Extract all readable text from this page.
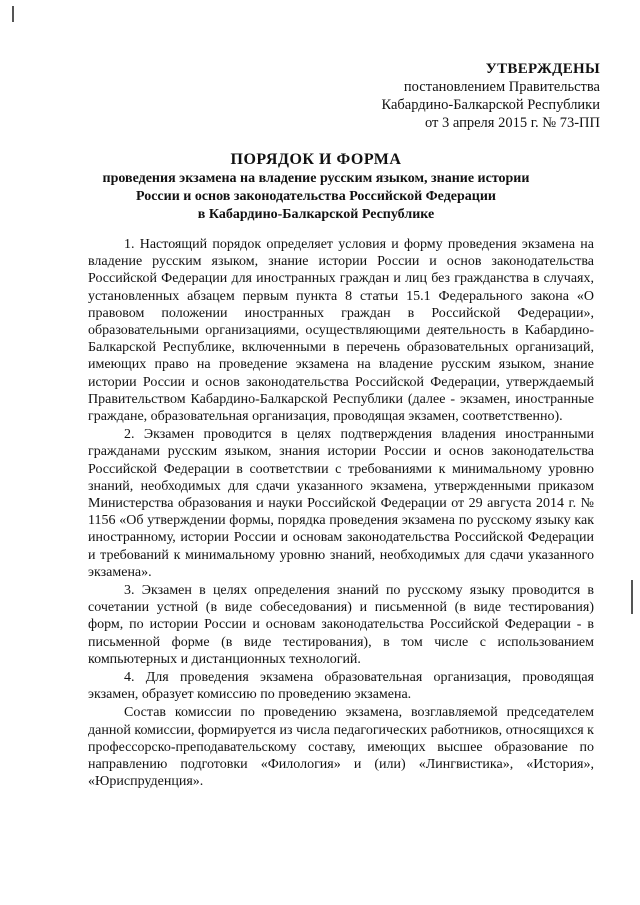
УТВЕРЖДЕНЫ
постановлением Правительства
Кабардино-Балкарской Республики
от 3 апреля 2015 г. № 73-ПП
ПОРЯДОК И ФОРМА
проведения экзамена на владение русским языком, знание истории
России и основ законодательства Российской Федерации
в Кабардино-Балкарской Республике

1. Настоящий порядок определяет условия и форму проведения экзамена на владение русским языком, знание истории России и основ законодательства Российской Федерации для иностранных граждан и лиц без гражданства в случаях, установленных абзацем первым пункта 8 статьи 15.1 Федерального закона «О правовом положении иностранных граждан в Российской Федерации», образовательными организациями, осуществляющими деятельность в Кабардино-Балкарской Республике, включенными в перечень образовательных организаций, имеющих право на проведение экзамена на владение русским языком, знание истории России и основ законодательства Российской Федерации, утверждаемый Правительством Кабардино-Балкарской Республики (далее - экзамен, иностранные граждане, образовательная организация, проводящая экзамен, соответственно).

2. Экзамен проводится в целях подтверждения владения иностранными гражданами русским языком, знания истории России и основ законодательства Российской Федерации в соответствии с требованиями к минимальному уровню знаний, необходимых для сдачи указанного экзамена, утвержденными приказом Министерства образования и науки Российской Федерации от 29 августа 2014 г. № 1156 «Об утверждении формы, порядка проведения экзамена по русскому языку как иностранному, истории России и основам законодательства Российской Федерации и требований к минимальному уровню знаний, необходимых для сдачи указанного экзамена».

3. Экзамен в целях определения знаний по русскому языку проводится в сочетании устной (в виде собеседования) и письменной (в виде тестирования) форм, по истории России и основам законодательства Российской Федерации - в письменной форме (в виде тестирования), в том числе с использованием компьютерных и дистанционных технологий.

4. Для проведения экзамена образовательная организация, проводящая экзамен, образует комиссию по проведению экзамена.

Состав комиссии по проведению экзамена, возглавляемой председателем данной комиссии, формируется из числа педагогических работников, относящихся к профессорско-преподавательскому составу, имеющих высшее образование по направлению подготовки «Филология» и (или) «Лингвистика», «История», «Юриспруденция».
